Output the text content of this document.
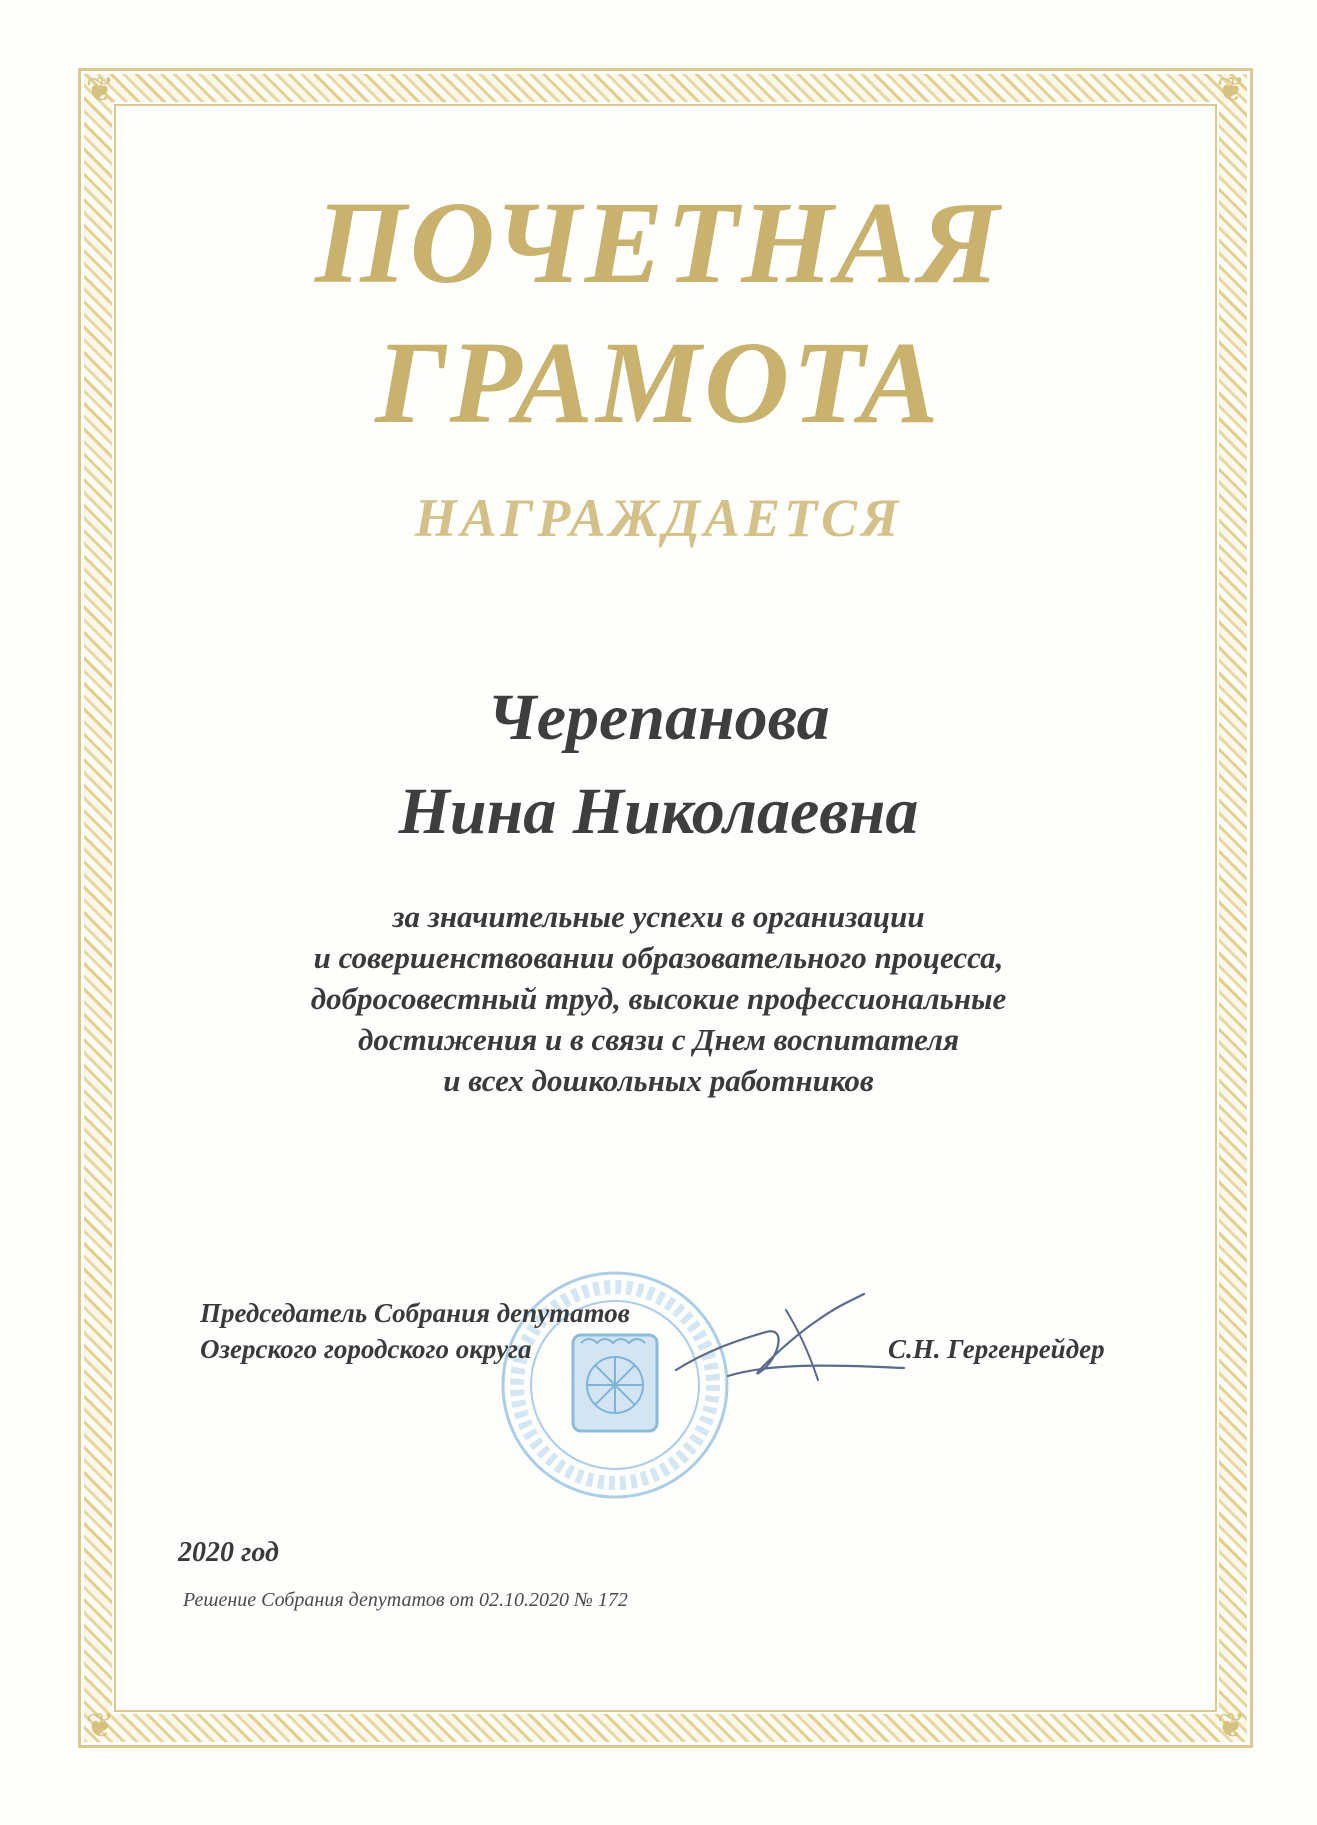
❦	❦
❦	❦
ПОЧЕТНАЯ
ГРАМОТА
НАГРАЖДАЕТСЯ
Черепанова
Нина Николаевна
за значительные успехи в организации
и совершенствовании образовательного процесса,
добросовестный труд, высокие профессиональные
достижения и в связи с Днем воспитателя
и всех дошкольных работников
Председатель Собрания депутатов
Озерского городского округа	С.Н. Гергенрейдер
2020 год
Решение Собрания депутатов от 02.10.2020 № 172
